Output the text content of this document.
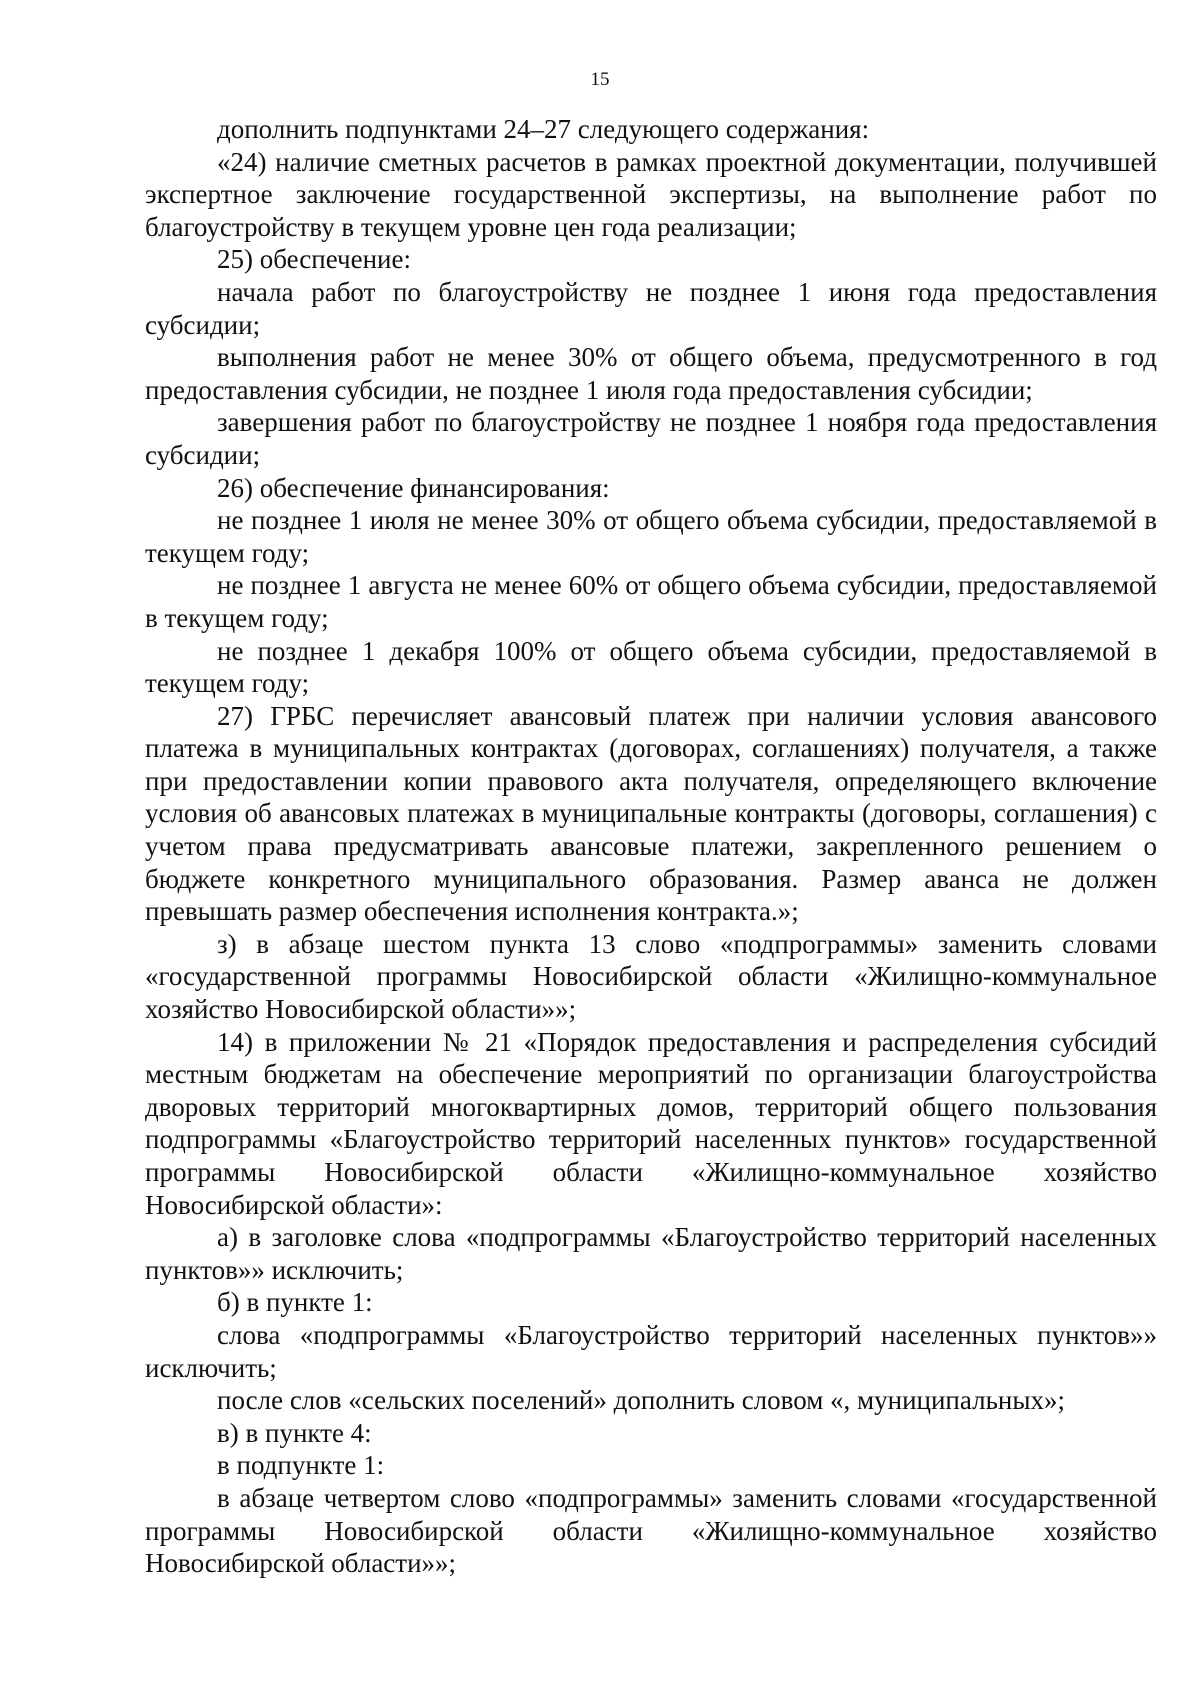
15

дополнить подпунктами 24–27 следующего содержания:

«24) наличие сметных расчетов в рамках проектной документации, получившей экспертное заключение государственной экспертизы, на выполнение работ по благоустройству в текущем уровне цен года реализации;

25) обеспечение:

начала работ по благоустройству не позднее 1 июня года предоставления субсидии;

выполнения работ не менее 30% от общего объема, предусмотренного в год предоставления субсидии, не позднее 1 июля года предоставления субсидии;

завершения работ по благоустройству не позднее 1 ноября года предоставления субсидии;

26) обеспечение финансирования:

не позднее 1 июля не менее 30% от общего объема субсидии, предоставляемой в текущем году;

не позднее 1 августа не менее 60% от общего объема субсидии, предоставляемой в текущем году;

не позднее 1 декабря 100% от общего объема субсидии, предоставляемой в текущем году;

27) ГРБС перечисляет авансовый платеж при наличии условия авансового платежа в муниципальных контрактах (договорах, соглашениях) получателя, а также при предоставлении копии правового акта получателя, определяющего включение условия об авансовых платежах в муниципальные контракты (договоры, соглашения) с учетом права предусматривать авансовые платежи, закрепленного решением о бюджете конкретного муниципального образования. Размер аванса не должен превышать размер обеспечения исполнения контракта.»;

з) в абзаце шестом пункта 13 слово «подпрограммы» заменить словами «государственной программы Новосибирской области «Жилищно-коммунальное хозяйство Новосибирской области»»;

14) в приложении № 21 «Порядок предоставления и распределения субсидий местным бюджетам на обеспечение мероприятий по организации благоустройства дворовых территорий многоквартирных домов, территорий общего пользования подпрограммы «Благоустройство территорий населенных пунктов» государственной программы Новосибирской области «Жилищно-коммунальное хозяйство Новосибирской области»:

а) в заголовке слова «подпрограммы «Благоустройство территорий населенных пунктов»» исключить;

б) в пункте 1:

слова «подпрограммы «Благоустройство территорий населенных пунктов»» исключить;

после слов «сельских поселений» дополнить словом «, муниципальных»;

в) в пункте 4:

в подпункте 1:

в абзаце четвертом слово «подпрограммы» заменить словами «государственной программы Новосибирской области «Жилищно-коммунальное хозяйство Новосибирской области»»;
